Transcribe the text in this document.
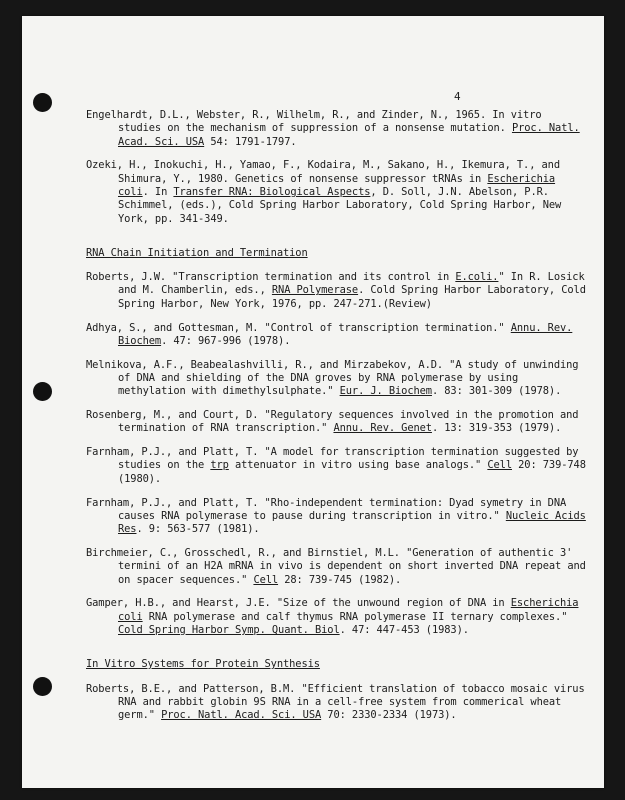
4

Engelhardt, D.L., Webster, R., Wilhelm, R., and Zinder, N., 1965. In vitro studies on the mechanism of suppression of a nonsense mutation. Proc. Natl. Acad. Sci. USA 54: 1791-1797.

Ozeki, H., Inokuchi, H., Yamao, F., Kodaira, M., Sakano, H., Ikemura, T., and Shimura, Y., 1980. Genetics of nonsense suppressor tRNAs in Escherichia coli. In Transfer RNA: Biological Aspects, D. Soll, J.N. Abelson, P.R. Schimmel, (eds.), Cold Spring Harbor Laboratory, Cold Spring Harbor, New York, pp. 341-349.

RNA Chain Initiation and Termination

Roberts, J.W. "Transcription termination and its control in E.coli." In R. Losick and M. Chamberlin, eds., RNA Polymerase. Cold Spring Harbor Laboratory, Cold Spring Harbor, New York, 1976, pp. 247-271.(Review)

Adhya, S., and Gottesman, M. "Control of transcription termination." Annu. Rev. Biochem. 47: 967-996 (1978).

Melnikova, A.F., Beabealashvilli, R., and Mirzabekov, A.D. "A study of unwinding of DNA and shielding of the DNA groves by RNA polymerase by using methylation with dimethylsulphate." Eur. J. Biochem. 83: 301-309 (1978).

Rosenberg, M., and Court, D. "Regulatory sequences involved in the promotion and termination of RNA transcription." Annu. Rev. Genet. 13: 319-353 (1979).

Farnham, P.J., and Platt, T. "A model for transcription termination suggested by studies on the trp attenuator in vitro using base analogs." Cell 20: 739-748 (1980).

Farnham, P.J., and Platt, T. "Rho-independent termination: Dyad symetry in DNA causes RNA polymerase to pause during transcription in vitro." Nucleic Acids Res. 9: 563-577 (1981).

Birchmeier, C., Grosschedl, R., and Birnstiel, M.L. "Generation of authentic 3' termini of an H2A mRNA in vivo is dependent on short inverted DNA repeat and on spacer sequences." Cell 28: 739-745 (1982).

Gamper, H.B., and Hearst, J.E. "Size of the unwound region of DNA in Escherichia coli RNA polymerase and calf thymus RNA polymerase II ternary complexes." Cold Spring Harbor Symp. Quant. Biol. 47: 447-453 (1983).

In Vitro Systems for Protein Synthesis

Roberts, B.E., and Patterson, B.M. "Efficient translation of tobacco mosaic virus RNA and rabbit globin 9S RNA in a cell-free system from commerical wheat germ." Proc. Natl. Acad. Sci. USA 70: 2330-2334 (1973).
